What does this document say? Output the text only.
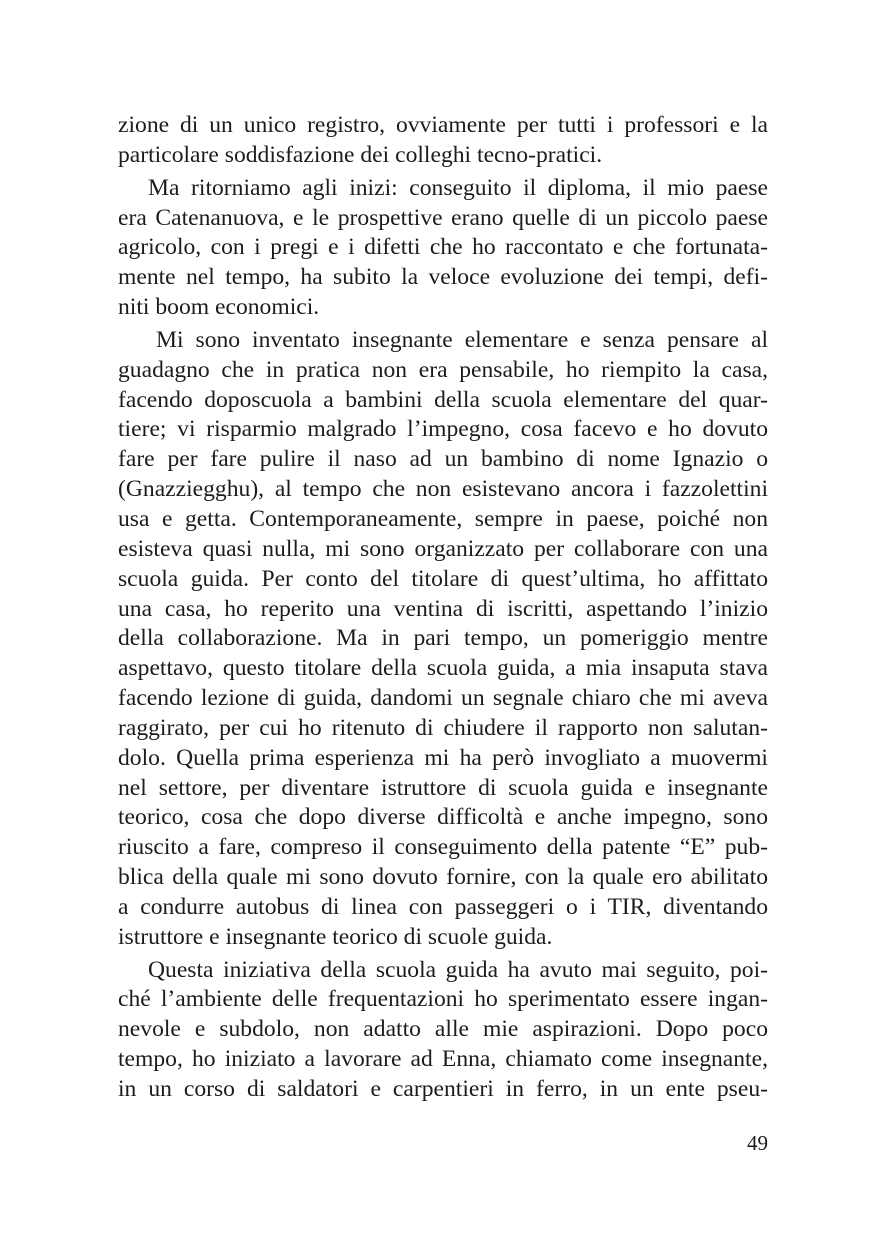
zione di un unico registro, ovviamente per tutti i professori e la
particolare soddisfazione dei colleghi tecno-pratici.
Ma ritorniamo agli inizi: conseguito il diploma, il mio paese
era Catenanuova, e le prospettive erano quelle di un piccolo paese
agricolo, con i pregi e i difetti che ho raccontato e che fortunata-
mente nel tempo, ha subito la veloce evoluzione dei tempi, defi-
niti boom economici.
Mi sono inventato insegnante elementare e senza pensare al
guadagno che in pratica non era pensabile, ho riempito la casa,
facendo doposcuola a bambini della scuola elementare del quar-
tiere; vi risparmio malgrado l’impegno, cosa facevo e ho dovuto
fare per fare pulire il naso ad un bambino di nome Ignazio o
(Gnazziegghu), al tempo che non esistevano ancora i fazzolettini
usa e getta. Contemporaneamente, sempre in paese, poiché non
esisteva quasi nulla, mi sono organizzato per collaborare con una
scuola guida. Per conto del titolare di quest’ultima, ho affittato
una casa, ho reperito una ventina di iscritti, aspettando l’inizio
della collaborazione. Ma in pari tempo, un pomeriggio mentre
aspettavo, questo titolare della scuola guida, a mia insaputa stava
facendo lezione di guida, dandomi un segnale chiaro che mi aveva
raggirato, per cui ho ritenuto di chiudere il rapporto non salutan-
dolo. Quella prima esperienza mi ha però invogliato a muovermi
nel settore, per diventare istruttore di scuola guida e insegnante
teorico, cosa che dopo diverse difficoltà e anche impegno, sono
riuscito a fare, compreso il conseguimento della patente “E” pub-
blica della quale mi sono dovuto fornire, con la quale ero abilitato
a condurre autobus di linea con passeggeri o i TIR, diventando
istruttore e insegnante teorico di scuole guida.
Questa iniziativa della scuola guida ha avuto mai seguito, poi-
ché l’ambiente delle frequentazioni ho sperimentato essere ingan-
nevole e subdolo, non adatto alle mie aspirazioni. Dopo poco
tempo, ho iniziato a lavorare ad Enna, chiamato come insegnante,
in un corso di saldatori e carpentieri in ferro, in un ente pseu-
49
